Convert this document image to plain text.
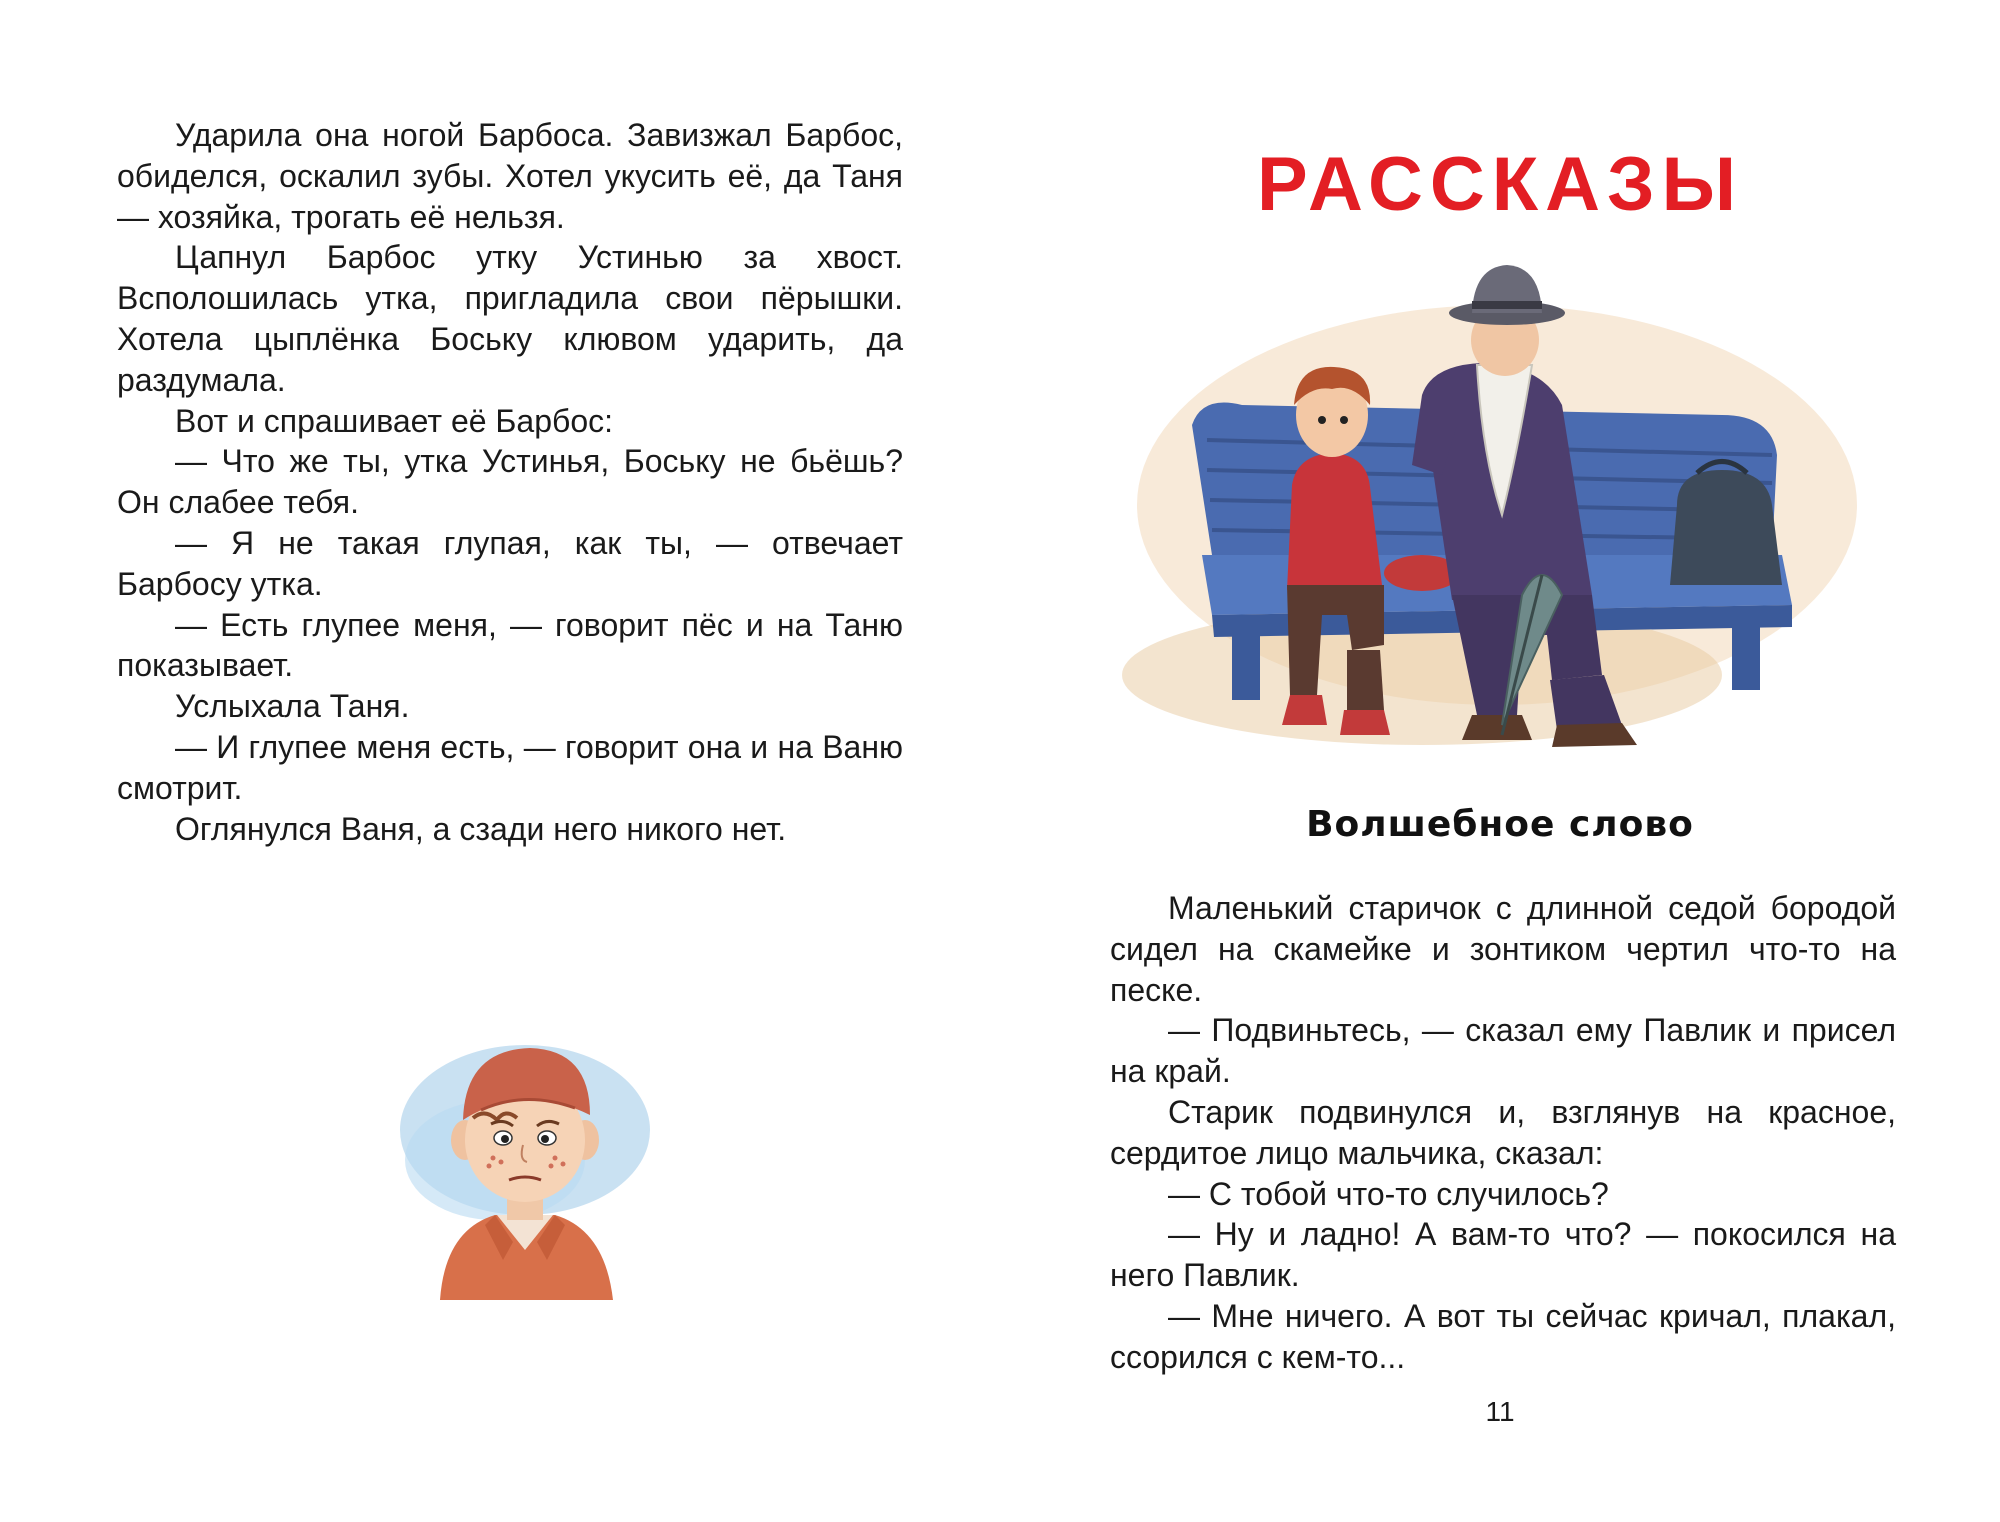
Ударила она ногой Барбоса. Завизжал Барбос, обиделся, оскалил зубы. Хотел укусить её, да Таня — хозяйка, трогать её нельзя.

Цапнул Барбос утку Устинью за хвост. Всполошилась утка, пригладила свои пёрышки. Хотела цыплёнка Боську клювом ударить, да раздумала.

Вот и спрашивает её Барбос:

— Что же ты, утка Устинья, Боську не бьёшь? Он слабее тебя.

— Я не такая глупая, как ты, — отвечает Барбосу утка.

— Есть глупее меня, — говорит пёс и на Таню показывает.

Услыхала Таня.

— И глупее меня есть, — говорит она и на Ваню смотрит.

Оглянулся Ваня, а сзади него никого нет.

РАССКАЗЫ
Волшебное слово

Маленький старичок с длинной седой бородой сидел на скамейке и зонтиком чертил что-то на песке.

— Подвиньтесь, — сказал ему Павлик и присел на край.

Старик подвинулся и, взглянув на красное, сердитое лицо мальчика, сказал:

— С тобой что-то случилось?

— Ну и ладно! А вам-то что? — покосился на него Павлик.

— Мне ничего. А вот ты сейчас кричал, плакал, ссорился с кем-то...

11
